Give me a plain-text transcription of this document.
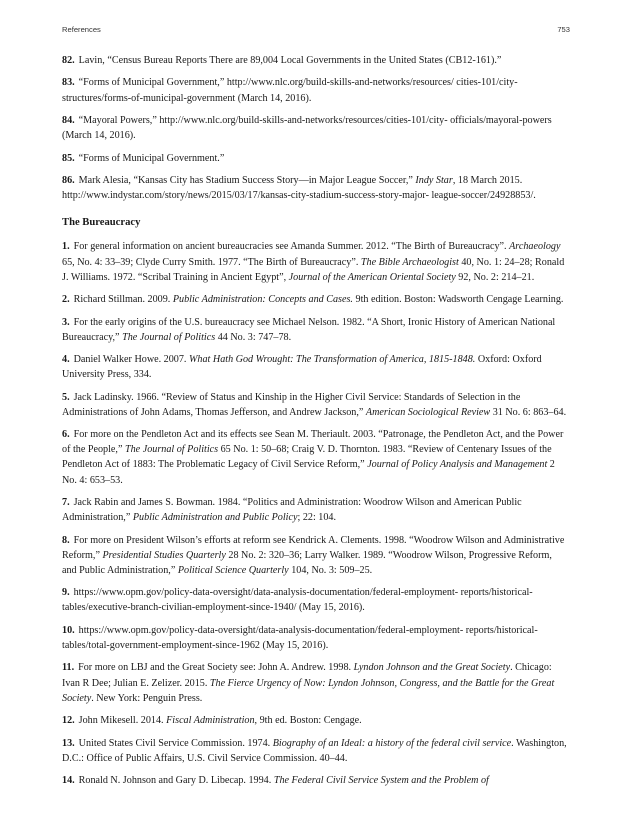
References	753

82. Lavin, “Census Bureau Reports There are 89,004 Local Governments in the United States (CB12-161).”

83. “Forms of Municipal Government,” http://www.nlc.org/build-skills-and-networks/resources/ cities-101/city-structures/forms-of-municipal-government (March 14, 2016).

84. “Mayoral Powers,” http://www.nlc.org/build-skills-and-networks/resources/cities-101/city- officials/mayoral-powers (March 14, 2016).

85. “Forms of Municipal Government.”

86. Mark Alesia, “Kansas City has Stadium Success Story—in Major League Soccer,” Indy Star, 18 March 2015. http://www.indystar.com/story/news/2015/03/17/kansas-city-stadium-success-story-major- league-soccer/24928853/.

The Bureaucracy

1. For general information on ancient bureaucracies see Amanda Summer. 2012. “The Birth of Bureaucracy”. Archaeology 65, No. 4: 33–39; Clyde Curry Smith. 1977. “The Birth of Bureaucracy”. The Bible Archaeologist 40, No. 1: 24–28; Ronald J. Williams. 1972. “Scribal Training in Ancient Egypt”, Journal of the American Oriental Society 92, No. 2: 214–21.

2. Richard Stillman. 2009. Public Administration: Concepts and Cases. 9th edition. Boston: Wadsworth Cengage Learning.

3. For the early origins of the U.S. bureaucracy see Michael Nelson. 1982. “A Short, Ironic History of American National Bureaucracy,” The Journal of Politics 44 No. 3: 747–78.

4. Daniel Walker Howe. 2007. What Hath God Wrought: The Transformation of America, 1815-1848. Oxford: Oxford University Press, 334.

5. Jack Ladinsky. 1966. “Review of Status and Kinship in the Higher Civil Service: Standards of Selection in the Administrations of John Adams, Thomas Jefferson, and Andrew Jackson,” American Sociological Review 31 No. 6: 863–64.

6. For more on the Pendleton Act and its effects see Sean M. Theriault. 2003. “Patronage, the Pendleton Act, and the Power of the People,” The Journal of Politics 65 No. 1: 50–68; Craig V. D. Thornton. 1983. “Review of Centenary Issues of the Pendleton Act of 1883: The Problematic Legacy of Civil Service Reform,” Journal of Policy Analysis and Management 2 No. 4: 653–53.

7. Jack Rabin and James S. Bowman. 1984. “Politics and Administration: Woodrow Wilson and American Public Administration,” Public Administration and Public Policy; 22: 104.

8. For more on President Wilson’s efforts at reform see Kendrick A. Clements. 1998. “Woodrow Wilson and Administrative Reform,” Presidential Studies Quarterly 28 No. 2: 320–36; Larry Walker. 1989. “Woodrow Wilson, Progressive Reform, and Public Administration,” Political Science Quarterly 104, No. 3: 509–25.

9. https://www.opm.gov/policy-data-oversight/data-analysis-documentation/federal-employment- reports/historical-tables/executive-branch-civilian-employment-since-1940/ (May 15, 2016).

10. https://www.opm.gov/policy-data-oversight/data-analysis-documentation/federal-employment- reports/historical-tables/total-government-employment-since-1962 (May 15, 2016).

11. For more on LBJ and the Great Society see: John A. Andrew. 1998. Lyndon Johnson and the Great Society. Chicago: Ivan R Dee; Julian E. Zelizer. 2015. The Fierce Urgency of Now: Lyndon Johnson, Congress, and the Battle for the Great Society. New York: Penguin Press.

12. John Mikesell. 2014. Fiscal Administration, 9th ed. Boston: Cengage.

13. United States Civil Service Commission. 1974. Biography of an Ideal: a history of the federal civil service. Washington, D.C.: Office of Public Affairs, U.S. Civil Service Commission. 40–44.

14. Ronald N. Johnson and Gary D. Libecap. 1994. The Federal Civil Service System and the Problem of
